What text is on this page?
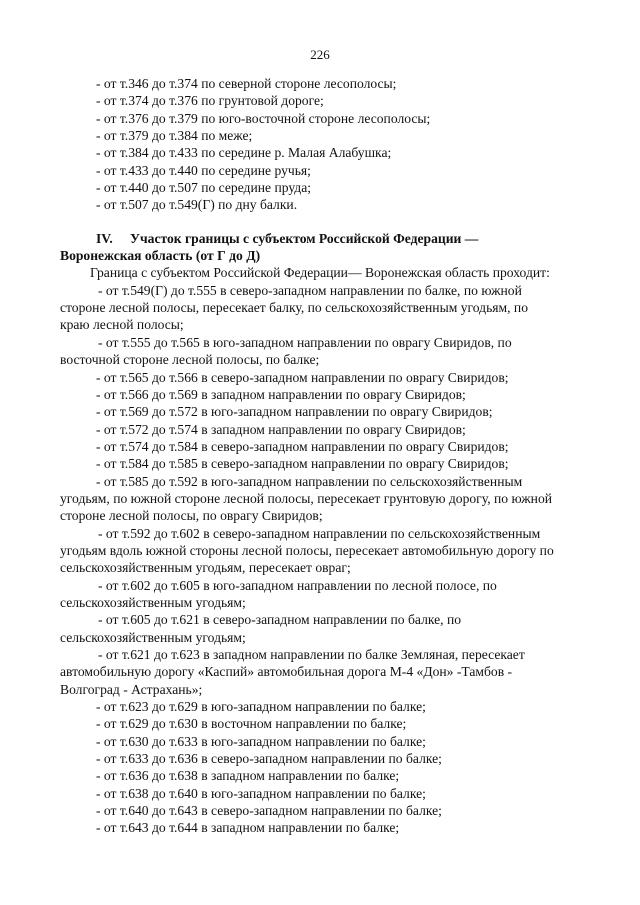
226
- от т.346 до т.374 по северной стороне лесополосы;
- от т.374 до т.376 по грунтовой дороге;
- от т.376 до т.379 по юго-восточной стороне лесополосы;
- от т.379 до т.384 по меже;
- от т.384 до т.433 по середине р. Малая Алабушка;
- от т.433 до т.440 по середине ручья;
- от т.440 до т.507 по середине пруда;
- от т.507 до т.549(Г) по дну балки.
IV. Участок границы с субъектом Российской Федерации —
Воронежская область (от Г до Д)
Граница с субъектом Российской Федерации— Воронежская область проходит:
- от т.549(Г) до т.555 в северо-западном направлении по балке, по южной
стороне лесной полосы, пересекает балку, по сельскохозяйственным угодьям, по
краю лесной полосы;
- от т.555 до т.565 в юго-западном направлении по оврагу Свиридов, по
восточной стороне лесной полосы, по балке;
- от т.565 до т.566 в северо-западном направлении по оврагу Свиридов;
- от т.566 до т.569 в западном направлении по оврагу Свиридов;
- от т.569 до т.572 в юго-западном направлении по оврагу Свиридов;
- от т.572 до т.574 в западном направлении по оврагу Свиридов;
- от т.574 до т.584 в северо-западном направлении по оврагу Свиридов;
- от т.584 до т.585 в северо-западном направлении по оврагу Свиридов;
- от т.585 до т.592 в юго-западном направлении по сельскохозяйственным
угодьям, по южной стороне лесной полосы, пересекает грунтовую дорогу, по южной
стороне лесной полосы, по оврагу Свиридов;
- от т.592 до т.602 в северо-западном направлении по сельскохозяйственным
угодьям вдоль южной стороны лесной полосы, пересекает автомобильную дорогу по
сельскохозяйственным угодьям, пересекает овраг;
- от т.602 до т.605 в юго-западном направлении по лесной полосе, по
сельскохозяйственным угодьям;
- от т.605 до т.621 в северо-западном направлении по балке, по
сельскохозяйственным угодьям;
- от т.621 до т.623 в западном направлении по балке Земляная, пересекает
автомобильную дорогу «Каспий» автомобильная дорога М-4 «Дон» -Тамбов -
Волгоград - Астрахань»;
- от т.623 до т.629 в юго-западном направлении по балке;
- от т.629 до т.630 в восточном направлении по балке;
- от т.630 до т.633 в юго-западном направлении по балке;
- от т.633 до т.636 в северо-западном направлении по балке;
- от т.636 до т.638 в западном направлении по балке;
- от т.638 до т.640 в юго-западном направлении по балке;
- от т.640 до т.643 в северо-западном направлении по балке;
- от т.643 до т.644 в западном направлении по балке;
